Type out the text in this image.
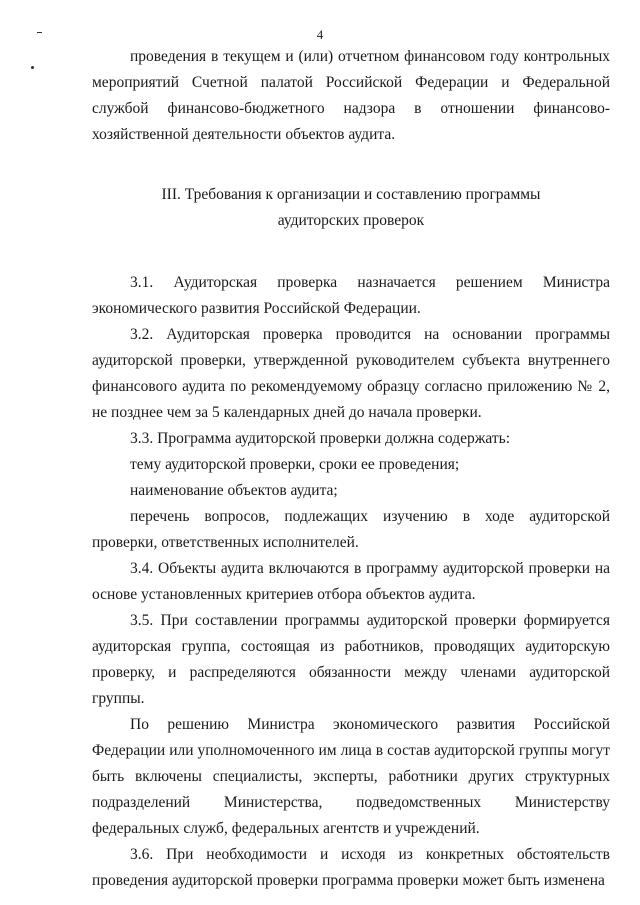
4

проведения в текущем и (или) отчетном финансовом году контрольных мероприятий Счетной палатой Российской Федерации и Федеральной службой финансово-бюджетного надзора в отношении финансово-хозяйственной деятельности объектов аудита.

III. Требования к организации и составлению программы
аудиторских проверок

3.1. Аудиторская проверка назначается решением Министра экономического развития Российской Федерации.

3.2. Аудиторская проверка проводится на основании программы аудиторской проверки, утвержденной руководителем субъекта внутреннего финансового аудита по рекомендуемому образцу согласно приложению № 2, не позднее чем за 5 календарных дней до начала проверки.

3.3. Программа аудиторской проверки должна содержать:

тему аудиторской проверки, сроки ее проведения;

наименование объектов аудита;

перечень вопросов, подлежащих изучению в ходе аудиторской проверки, ответственных исполнителей.

3.4. Объекты аудита включаются в программу аудиторской проверки на основе установленных критериев отбора объектов аудита.

3.5. При составлении программы аудиторской проверки формируется аудиторская группа, состоящая из работников, проводящих аудиторскую проверку, и распределяются обязанности между членами аудиторской группы.

По решению Министра экономического развития Российской Федерации или уполномоченного им лица в состав аудиторской группы могут быть включены специалисты, эксперты, работники других структурных подразделений Министерства, подведомственных Министерству федеральных служб, федеральных агентств и учреждений.

3.6. При необходимости и исходя из конкретных обстоятельств проведения аудиторской проверки программа проверки может быть изменена
